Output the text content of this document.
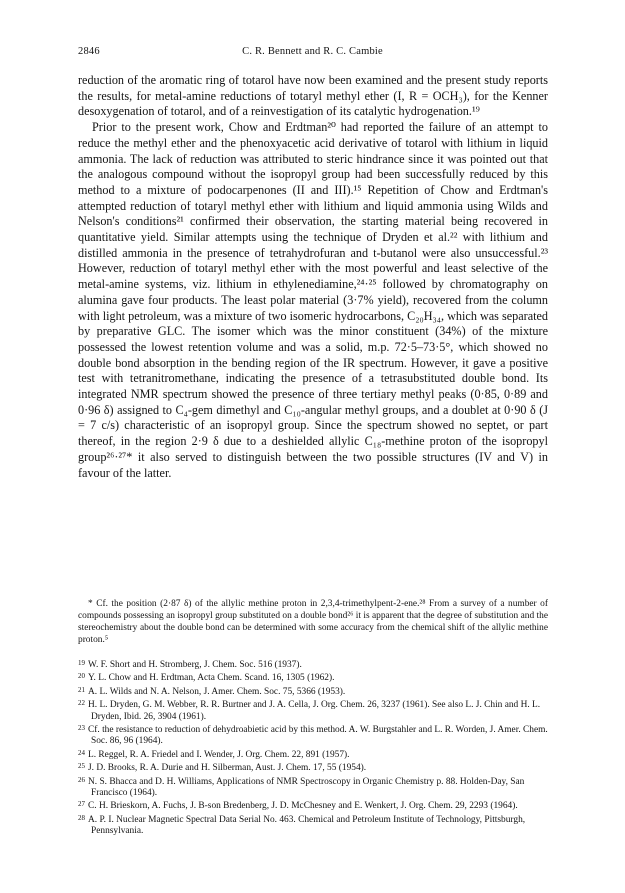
2846	C. R. Bennett and R. C. Cambie

reduction of the aromatic ring of totarol have now been examined and the present study reports the results, for metal-amine reductions of totaryl methyl ether (I, R = OCH₃), for the Kenner desoxygenation of totarol, and of a reinvestigation of its catalytic hydrogenation.¹⁹

Prior to the present work, Chow and Erdtman²⁰ had reported the failure of an attempt to reduce the methyl ether and the phenoxyacetic acid derivative of totarol with lithium in liquid ammonia. The lack of reduction was attributed to steric hindrance since it was pointed out that the analogous compound without the isopropyl group had been successfully reduced by this method to a mixture of podocarpenones (II and III).¹⁵ Repetition of Chow and Erdtman's attempted reduction of totaryl methyl ether with lithium and liquid ammonia using Wilds and Nelson's conditions²¹ confirmed their observation, the starting material being recovered in quantitative yield. Similar attempts using the technique of Dryden et al.²² with lithium and distilled ammonia in the presence of tetrahydrofuran and t-butanol were also unsuccessful.²³ However, reduction of totaryl methyl ether with the most powerful and least selective of the metal-amine systems, viz. lithium in ethylenediamine,²⁴·²⁵ followed by chromatography on alumina gave four products. The least polar material (3·7% yield), recovered from the column with light petroleum, was a mixture of two isomeric hydrocarbons, C₂₀H₃₄, which was separated by preparative GLC. The isomer which was the minor constituent (34%) of the mixture possessed the lowest retention volume and was a solid, m.p. 72·5–73·5°, which showed no double bond absorption in the bending region of the IR spectrum. However, it gave a positive test with tetranitromethane, indicating the presence of a tetrasubstituted double bond. Its integrated NMR spectrum showed the presence of three tertiary methyl peaks (0·85, 0·89 and 0·96 δ) assigned to C₄-gem dimethyl and C₁₀-angular methyl groups, and a doublet at 0·90 δ (J = 7 c/s) characteristic of an isopropyl group. Since the spectrum showed no septet, or part thereof, in the region 2·9 δ due to a deshielded allylic C₁₈-methine proton of the isopropyl group²⁶·²⁷* it also served to distinguish between the two possible structures (IV and V) in favour of the latter.

* Cf. the position (2·87 δ) of the allylic methine proton in 2,3,4-trimethylpent-2-ene.²⁸ From a survey of a number of compounds possessing an isopropyl group substituted on a double bond²⁶ it is apparent that the degree of substitution and the stereochemistry about the double bond can be determined with some accuracy from the chemical shift of the allylic methine proton.⁵

$^{19}$ W. F. Short and H. Stromberg, J. Chem. Soc. 516 (1937).

$^{20}$ Y. L. Chow and H. Erdtman, Acta Chem. Scand. 16, 1305 (1962).

$^{21}$ A. L. Wilds and N. A. Nelson, J. Amer. Chem. Soc. 75, 5366 (1953).

$^{22}$ H. L. Dryden, G. M. Webber, R. R. Burtner and J. A. Cella, J. Org. Chem. 26, 3237 (1961). See also L. J. Chin and H. L. Dryden, Ibid. 26, 3904 (1961).

$^{23}$ Cf. the resistance to reduction of dehydroabietic acid by this method. A. W. Burgstahler and L. R. Worden, J. Amer. Chem. Soc. 86, 96 (1964).

$^{24}$ L. Reggel, R. A. Friedel and I. Wender, J. Org. Chem. 22, 891 (1957).

$^{25}$ J. D. Brooks, R. A. Durie and H. Silberman, Aust. J. Chem. 17, 55 (1954).

$^{26}$ N. S. Bhacca and D. H. Williams, Applications of NMR Spectroscopy in Organic Chemistry p. 88. Holden-Day, San Francisco (1964).

$^{27}$ C. H. Brieskorn, A. Fuchs, J. B-son Bredenberg, J. D. McChesney and E. Wenkert, J. Org. Chem. 29, 2293 (1964).

$^{28}$ A. P. I. Nuclear Magnetic Spectral Data Serial No. 463. Chemical and Petroleum Institute of Technology, Pittsburgh, Pennsylvania.
